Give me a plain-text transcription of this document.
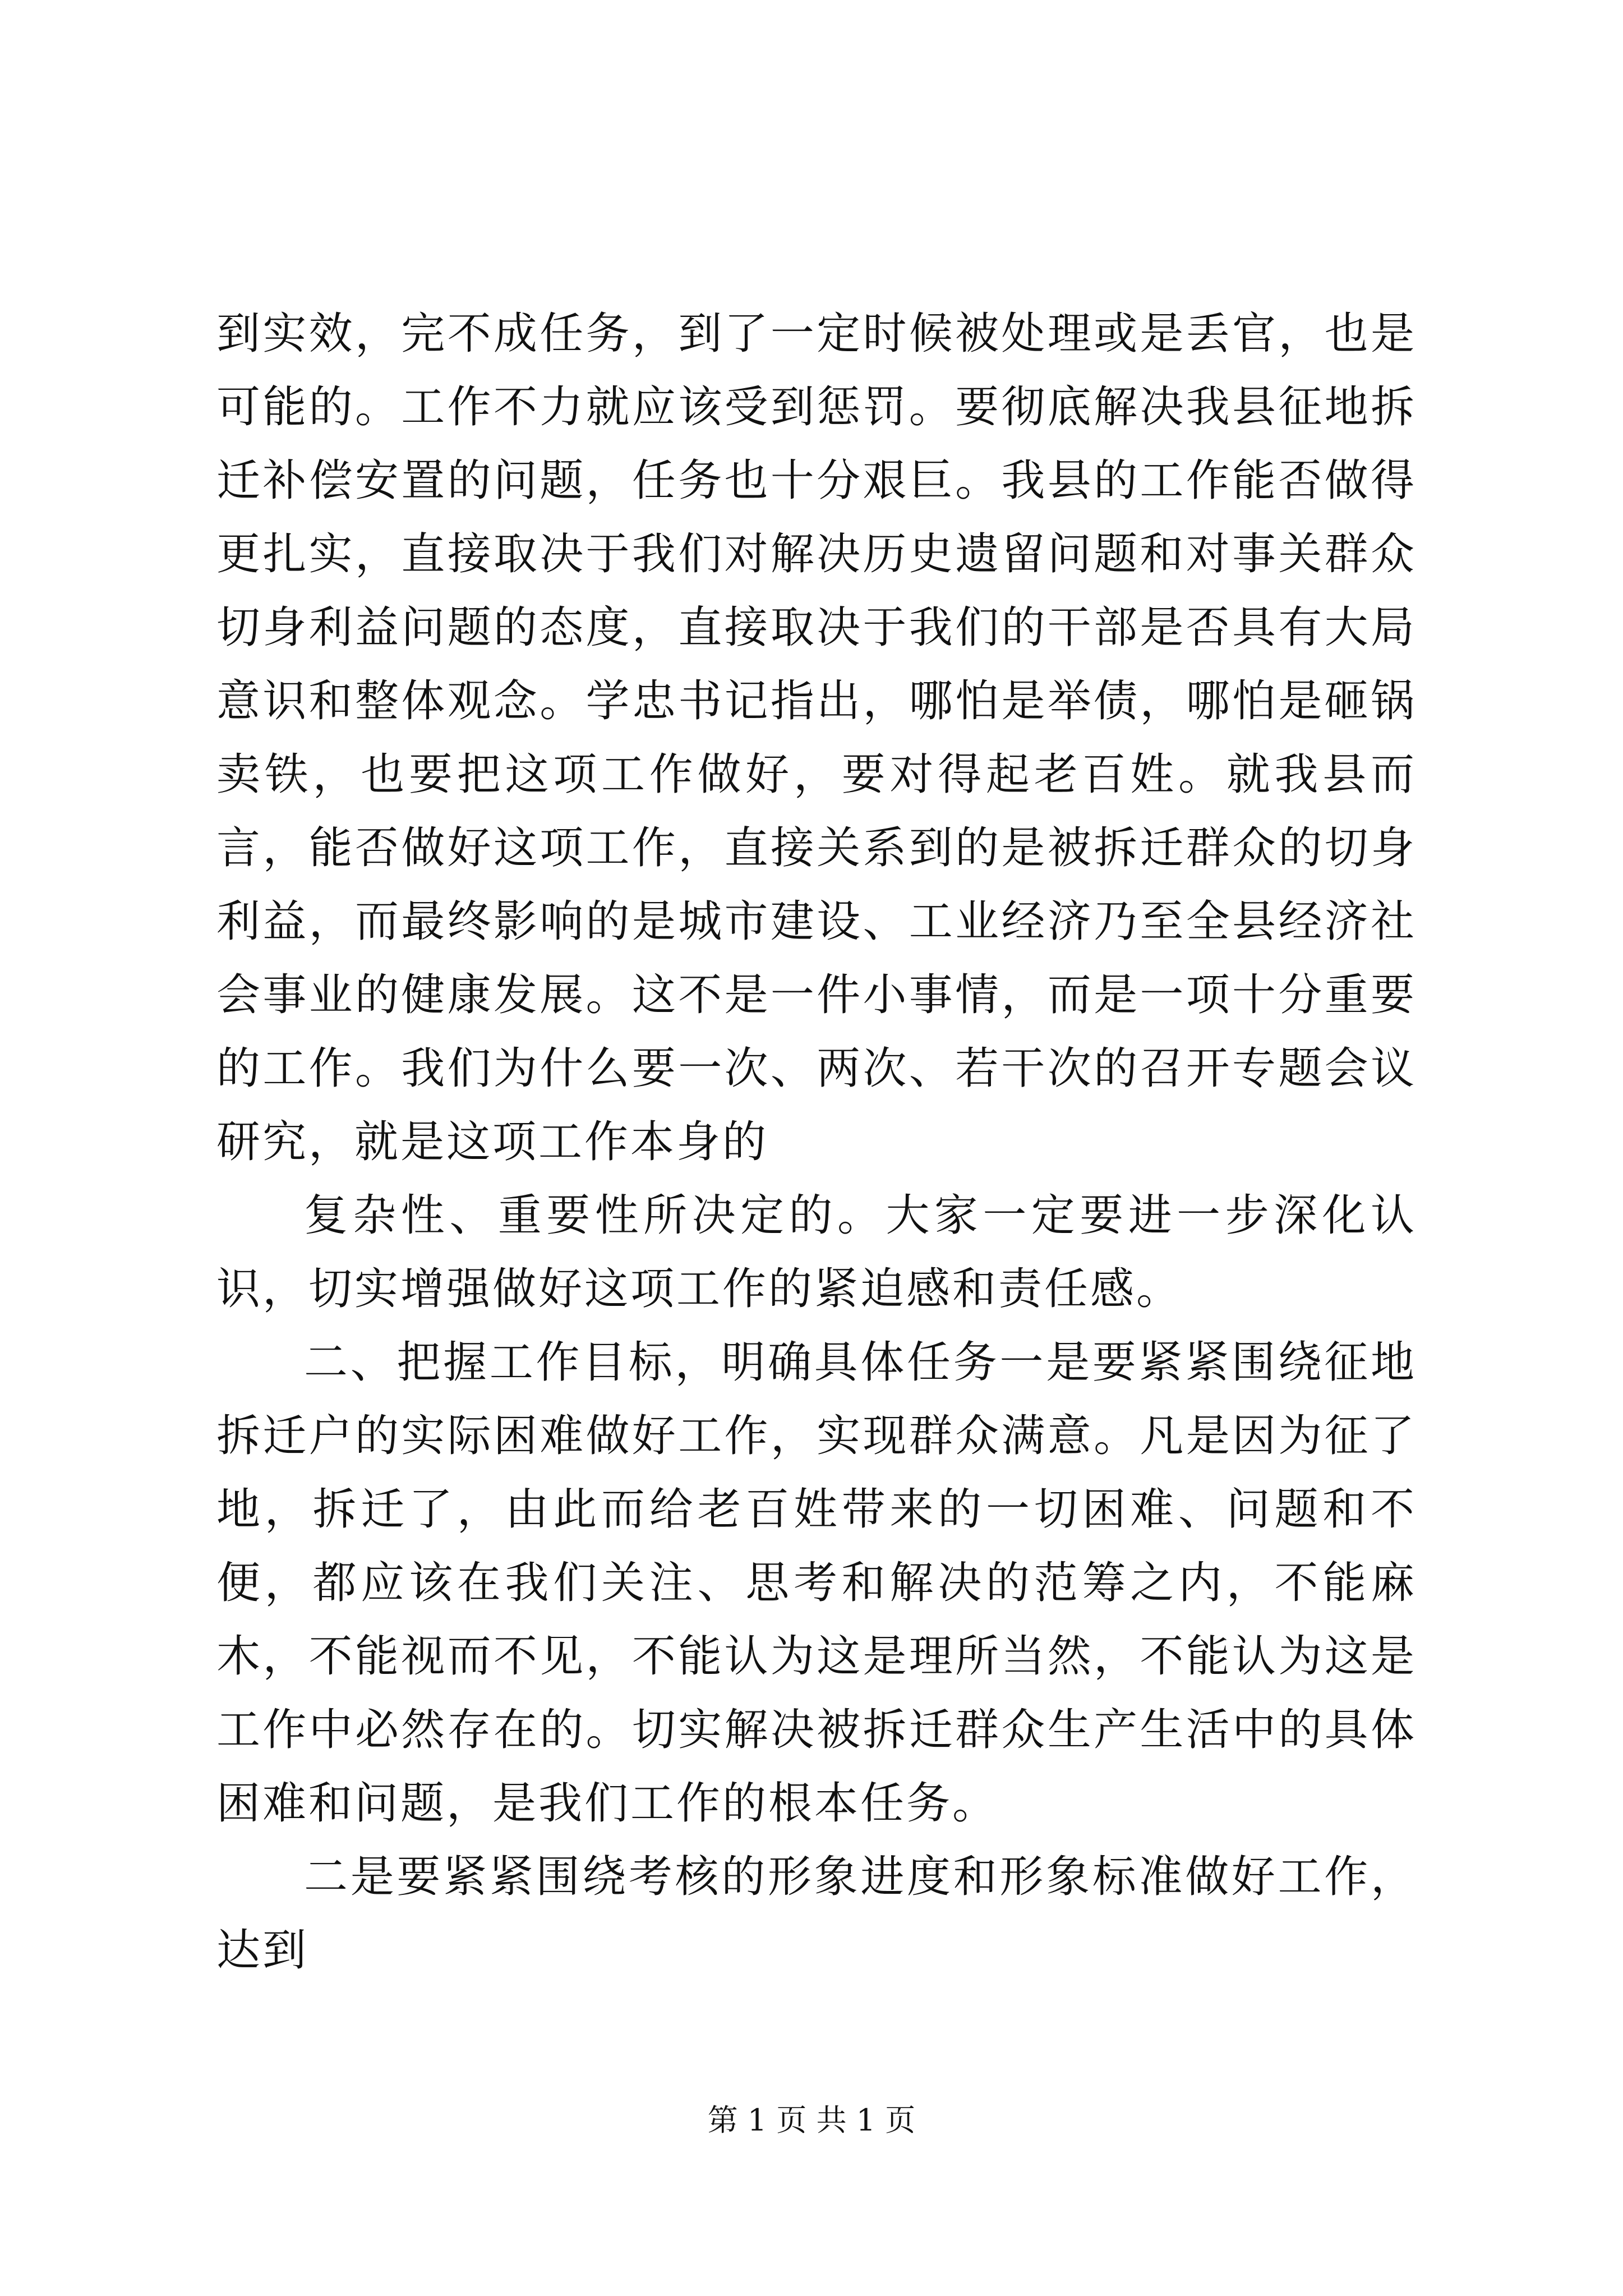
到实效，完不成任务，到了一定时候被处理或是丢官，也是可能的。工作不力就应该受到惩罚。要彻底解决我县征地拆迁补偿安置的问题，任务也十分艰巨。我县的工作能否做得更扎实，直接取决于我们对解决历史遗留问题和对事关群众切身利益问题的态度，直接取决于我们的干部是否具有大局意识和整体观念。学忠书记指出，哪怕是举债，哪怕是砸锅卖铁，也要把这项工作做好，要对得起老百姓。就我县而言，能否做好这项工作，直接关系到的是被拆迁群众的切身利益，而最终影响的是城市建设、工业经济乃至全县经济社会事业的健康发展。这不是一件小事情，而是一项十分重要的工作。我们为什么要一次、两次、若干次的召开专题会议研究，就是这项工作本身的

复杂性、重要性所决定的。大家一定要进一步深化认识，切实增强做好这项工作的紧迫感和责任感。

二、把握工作目标，明确具体任务一是要紧紧围绕征地拆迁户的实际困难做好工作，实现群众满意。凡是因为征了地，拆迁了，由此而给老百姓带来的一切困难、问题和不便，都应该在我们关注、思考和解决的范筹之内，不能麻木，不能视而不见，不能认为这是理所当然，不能认为这是工作中必然存在的。切实解决被拆迁群众生产生活中的具体困难和问题，是我们工作的根本任务。

二是要紧紧围绕考核的形象进度和形象标准做好工作，达到

第 1 页 共 1 页
